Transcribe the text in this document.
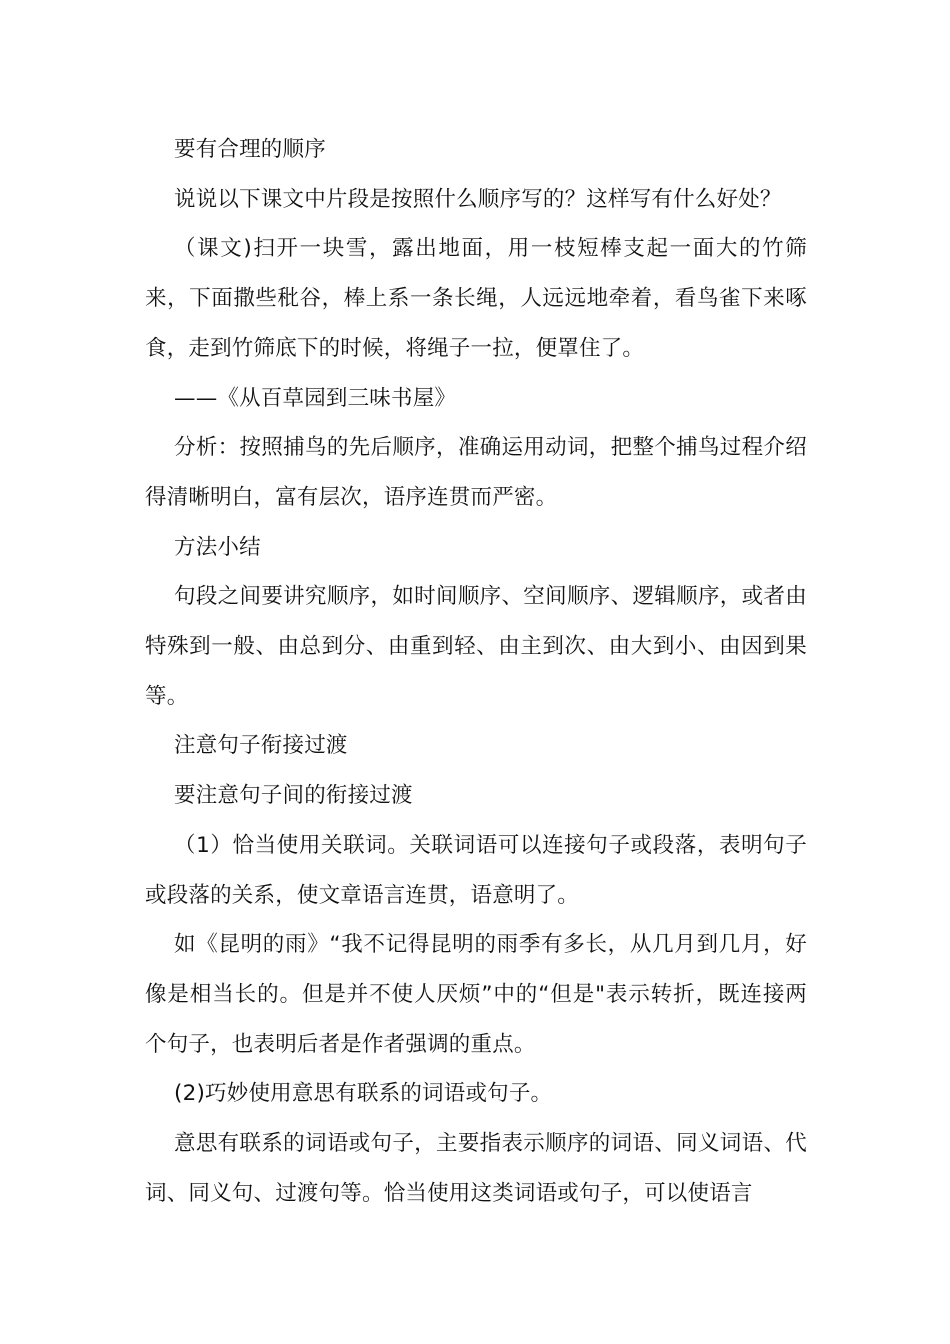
要有合理的顺序

说说以下课文中片段是按照什么顺序写的？这样写有什么好处？

（课文)扫开一块雪，露出地面，用一枝短棒支起一面大的竹筛来，下面撒些秕谷，棒上系一条长绳，人远远地牵着，看鸟雀下来啄食，走到竹筛底下的时候，将绳子一拉，便罩住了。

——《从百草园到三味书屋》

分析：按照捕鸟的先后顺序，准确运用动词，把整个捕鸟过程介绍得清晰明白，富有层次，语序连贯而严密。

方法小结

句段之间要讲究顺序，如时间顺序、空间顺序、逻辑顺序，或者由特殊到一般、由总到分、由重到轻、由主到次、由大到小、由因到果等。

注意句子衔接过渡

要注意句子间的衔接过渡

（1）恰当使用关联词。关联词语可以连接句子或段落，表明句子或段落的关系，使文章语言连贯，语意明了。

如《昆明的雨》“我不记得昆明的雨季有多长，从几月到几月，好像是相当长的。但是并不使人厌烦”中的“但是"表示转折，既连接两个句子，也表明后者是作者强调的重点。

(2)巧妙使用意思有联系的词语或句子。

意思有联系的词语或句子，主要指表示顺序的词语、同义词语、代词、同义句、过渡句等。恰当使用这类词语或句子，可以使语言
